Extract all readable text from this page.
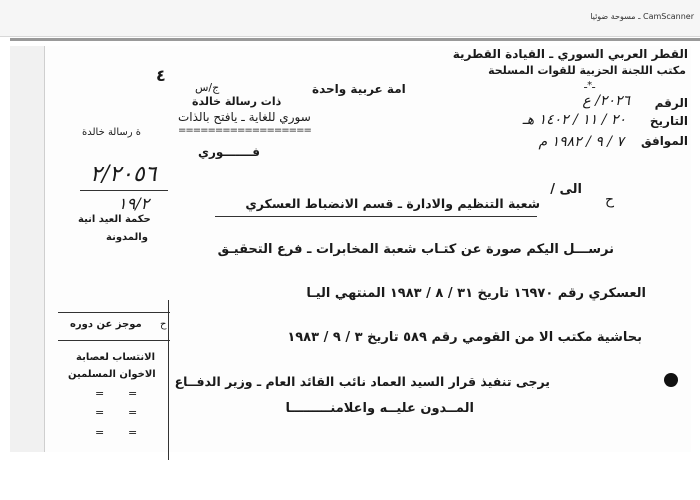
CamScanner ـ مسوحة ضوئيا
القطر العربي السوري ـ القيادة القطرية
مكتب اللجنة الحزبية للقوات المسلحة
ـ*ـ
الرقم
٢٠٢٦/ ع
التاريخ
٢٠ / ١١ / ١٤٠٢ هـ
الموافق
٧ / ٩ / ١٩٨٢ م
امة عربية واحدة
ج/س
ذات رسالة خالدة
سوري للغاية ـ يافتح بالذات
==================
فـــــــوري
٤
ة رسالة خالدة
٢/٢٠٥٦
١٩/٢
حكمة العيد انية
والمدونة
موجز عن دوره ح
الانتساب لعصابة
الاخوان المسلمين
= =
= =
= =
الى /
شعبة التنظيم والادارة ـ قسم الانضباط العسكري	ح
نرســـل اليكم صورة عن كتـاب شعبة المخابرات ـ فرع التحقيـق
العسكري رقم ١٦٩٧٠ تاريخ ٣١ / ٨ / ١٩٨٣ المنتهي اليـا
بحاشية مكتب الا من القومي رقم ٥٨٩ تاريخ ٣ / ٩ / ١٩٨٣
يرجى تنفيذ قرار السيد العماد نائب القائد العام ـ وزير الدفــاع
المــدون عليــه واعلامنـــــــــا
